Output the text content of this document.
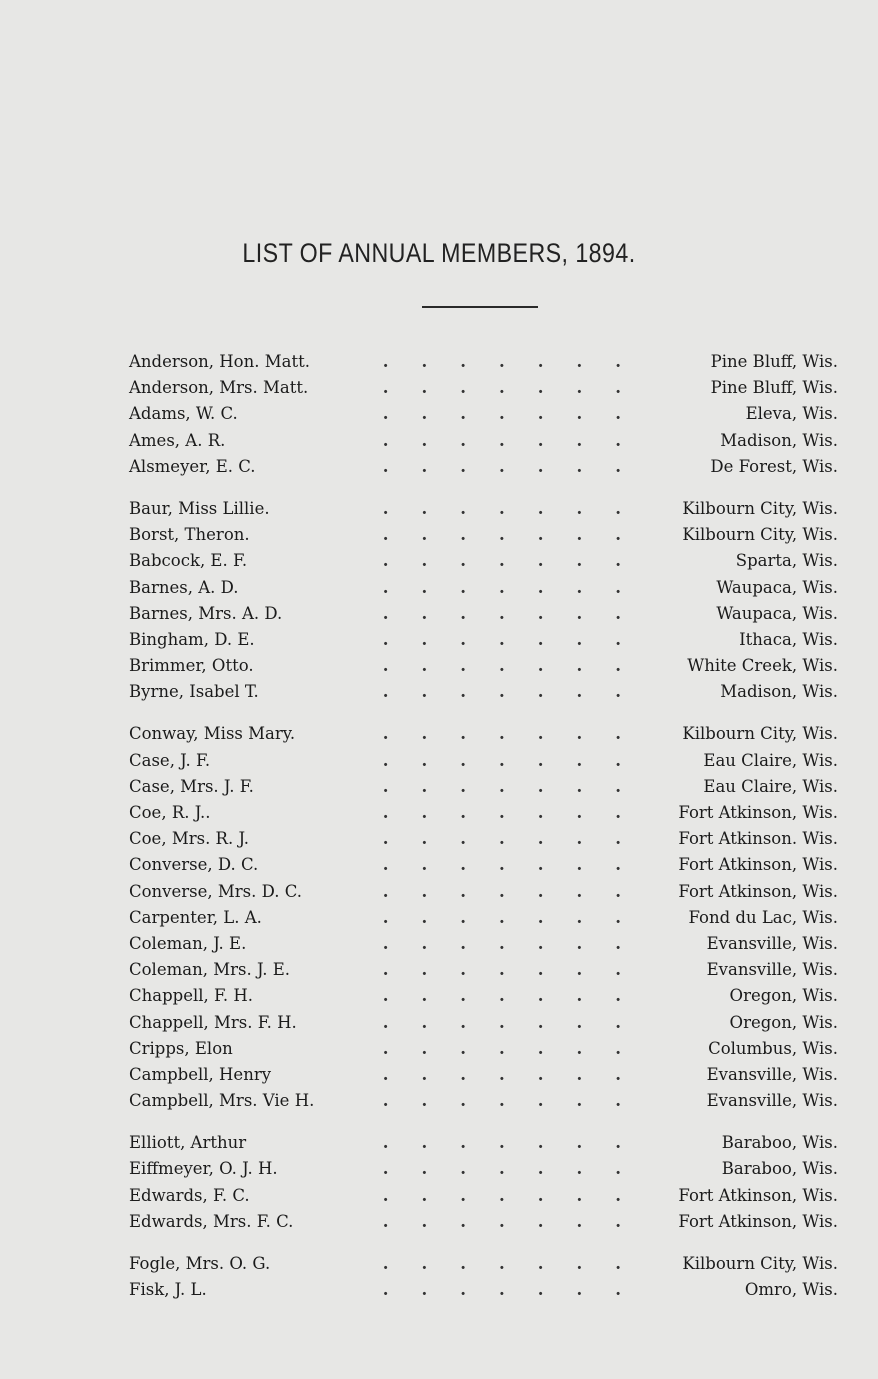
LIST OF ANNUAL MEMBERS, 1894.
Anderson, Hon. Matt.	.  .  .  .  .  .  .	Pine Bluff, Wis.
Anderson, Mrs. Matt.	.  .  .  .  .  .  .	Pine Bluff, Wis.
Adams, W. C.	.  .  .  .  .  .  .	Eleva, Wis.
Ames, A. R.	.  .  .  .  .  .  .	Madison, Wis.
Alsmeyer, E. C.	.  .  .  .  .  .  .	De Forest, Wis.
Baur, Miss Lillie.	.  .  .  .  .  .  .	Kilbourn City, Wis.
Borst, Theron.	.  .  .  .  .  .  .	Kilbourn City, Wis.
Babcock, E. F.	.  .  .  .  .  .  .	Sparta, Wis.
Barnes, A. D.	.  .  .  .  .  .  .	Waupaca, Wis.
Barnes, Mrs. A. D.	.  .  .  .  .  .  .	Waupaca, Wis.
Bingham, D. E.	.  .  .  .  .  .  .	Ithaca, Wis.
Brimmer, Otto.	.  .  .  .  .  .  .	White Creek, Wis.
Byrne, Isabel T.	.  .  .  .  .  .  .	Madison, Wis.
Conway, Miss Mary.	.  .  .  .  .  .  .	Kilbourn City, Wis.
Case, J. F.	.  .  .  .  .  .  .	Eau Claire, Wis.
Case, Mrs. J. F.	.  .  .  .  .  .  .	Eau Claire, Wis.
Coe, R. J..	.  .  .  .  .  .  .	Fort Atkinson, Wis.
Coe, Mrs. R. J.	.  .  .  .  .  .  .	Fort Atkinson. Wis.
Converse, D. C.	.  .  .  .  .  .  .	Fort Atkinson, Wis.
Converse, Mrs. D. C.	.  .  .  .  .  .  .	Fort Atkinson, Wis.
Carpenter, L. A.	.  .  .  .  .  .  .	Fond du Lac, Wis.
Coleman, J. E.	.  .  .  .  .  .  .	Evansville, Wis.
Coleman, Mrs. J. E.	.  .  .  .  .  .  .	Evansville, Wis.
Chappell, F. H.	.  .  .  .  .  .  .	Oregon, Wis.
Chappell, Mrs. F. H.	.  .  .  .  .  .  .	Oregon, Wis.
Cripps, Elon	.  .  .  .  .  .  .	Columbus, Wis.
Campbell, Henry	.  .  .  .  .  .  .	Evansville, Wis.
Campbell, Mrs. Vie H.	.  .  .  .  .  .  .	Evansville, Wis.
Elliott, Arthur	.  .  .  .  .  .  .	Baraboo, Wis.
Eiffmeyer, O. J. H.	.  .  .  .  .  .  .	Baraboo, Wis.
Edwards, F. C.	.  .  .  .  .  .  .	Fort Atkinson, Wis.
Edwards, Mrs. F. C.	.  .  .  .  .  .  .	Fort Atkinson, Wis.
Fogle, Mrs. O. G.	.  .  .  .  .  .  .	Kilbourn City, Wis.
Fisk, J. L.	.  .  .  .  .  .  .	Omro, Wis.
